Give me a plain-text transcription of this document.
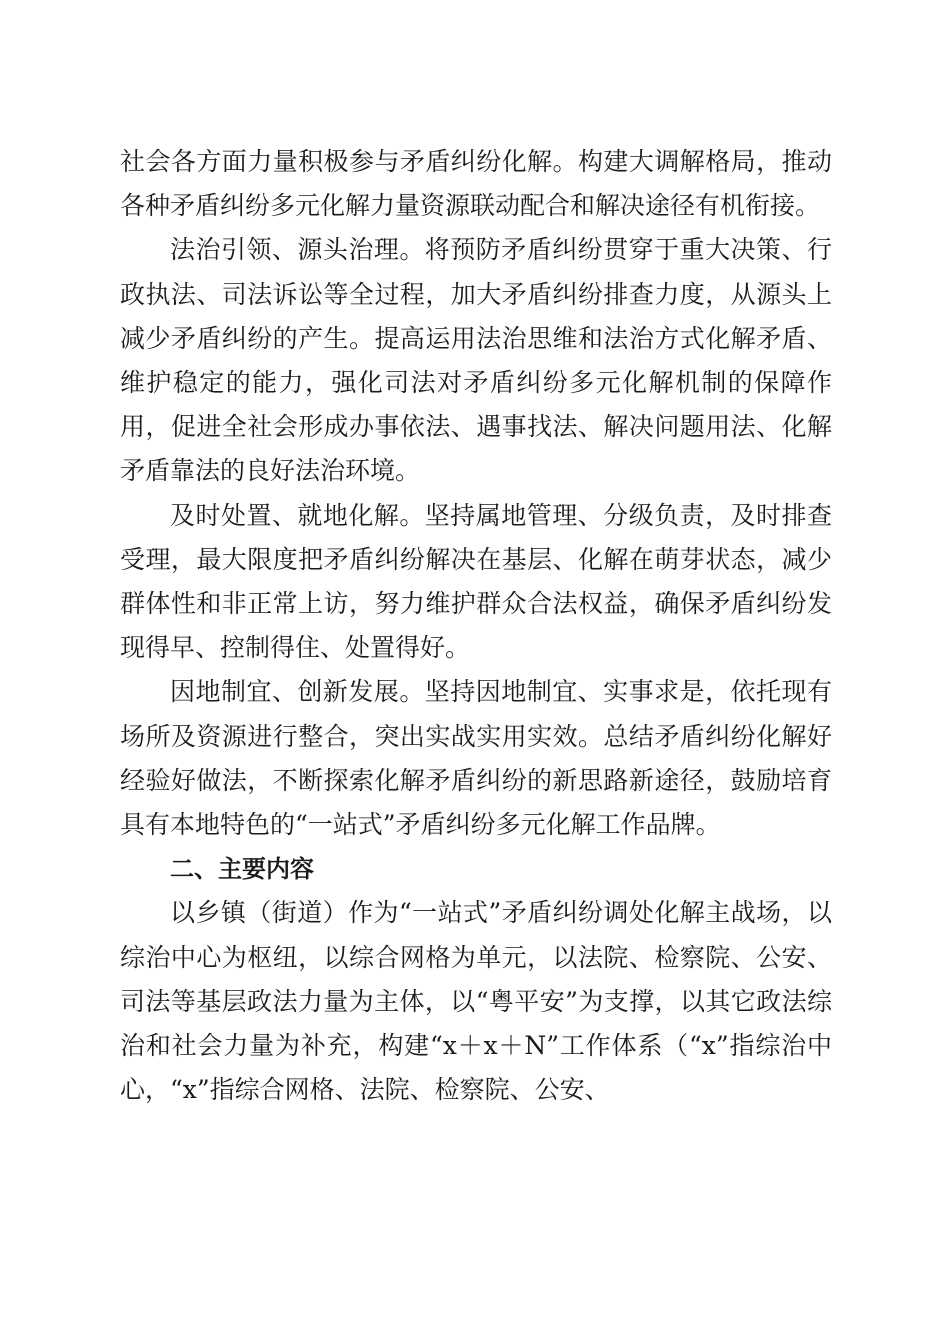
社会各方面力量积极参与矛盾纠纷化解。构建大调解格局，推动各种矛盾纠纷多元化解力量资源联动配合和解决途径有机衔接。

法治引领、源头治理。将预防矛盾纠纷贯穿于重大决策、行政执法、司法诉讼等全过程，加大矛盾纠纷排查力度，从源头上减少矛盾纠纷的产生。提高运用法治思维和法治方式化解矛盾、维护稳定的能力，强化司法对矛盾纠纷多元化解机制的保障作用，促进全社会形成办事依法、遇事找法、解决问题用法、化解矛盾靠法的良好法治环境。

及时处置、就地化解。坚持属地管理、分级负责，及时排查受理，最大限度把矛盾纠纷解决在基层、化解在萌芽状态，减少群体性和非正常上访，努力维护群众合法权益，确保矛盾纠纷发现得早、控制得住、处置得好。

因地制宜、创新发展。坚持因地制宜、实事求是，依托现有场所及资源进行整合，突出实战实用实效。总结矛盾纠纷化解好经验好做法，不断探索化解矛盾纠纷的新思路新途径，鼓励培育具有本地特色的“一站式”矛盾纠纷多元化解工作品牌。

二、主要内容

以乡镇（街道）作为“一站式”矛盾纠纷调处化解主战场，以综治中心为枢纽，以综合网格为单元，以法院、检察院、公安、司法等基层政法力量为主体，以“粤平安”为支撑，以其它政法综治和社会力量为补充，构建“x＋x＋N”工作体系（“x”指综治中心，“x”指综合网格、法院、检察院、公安、
